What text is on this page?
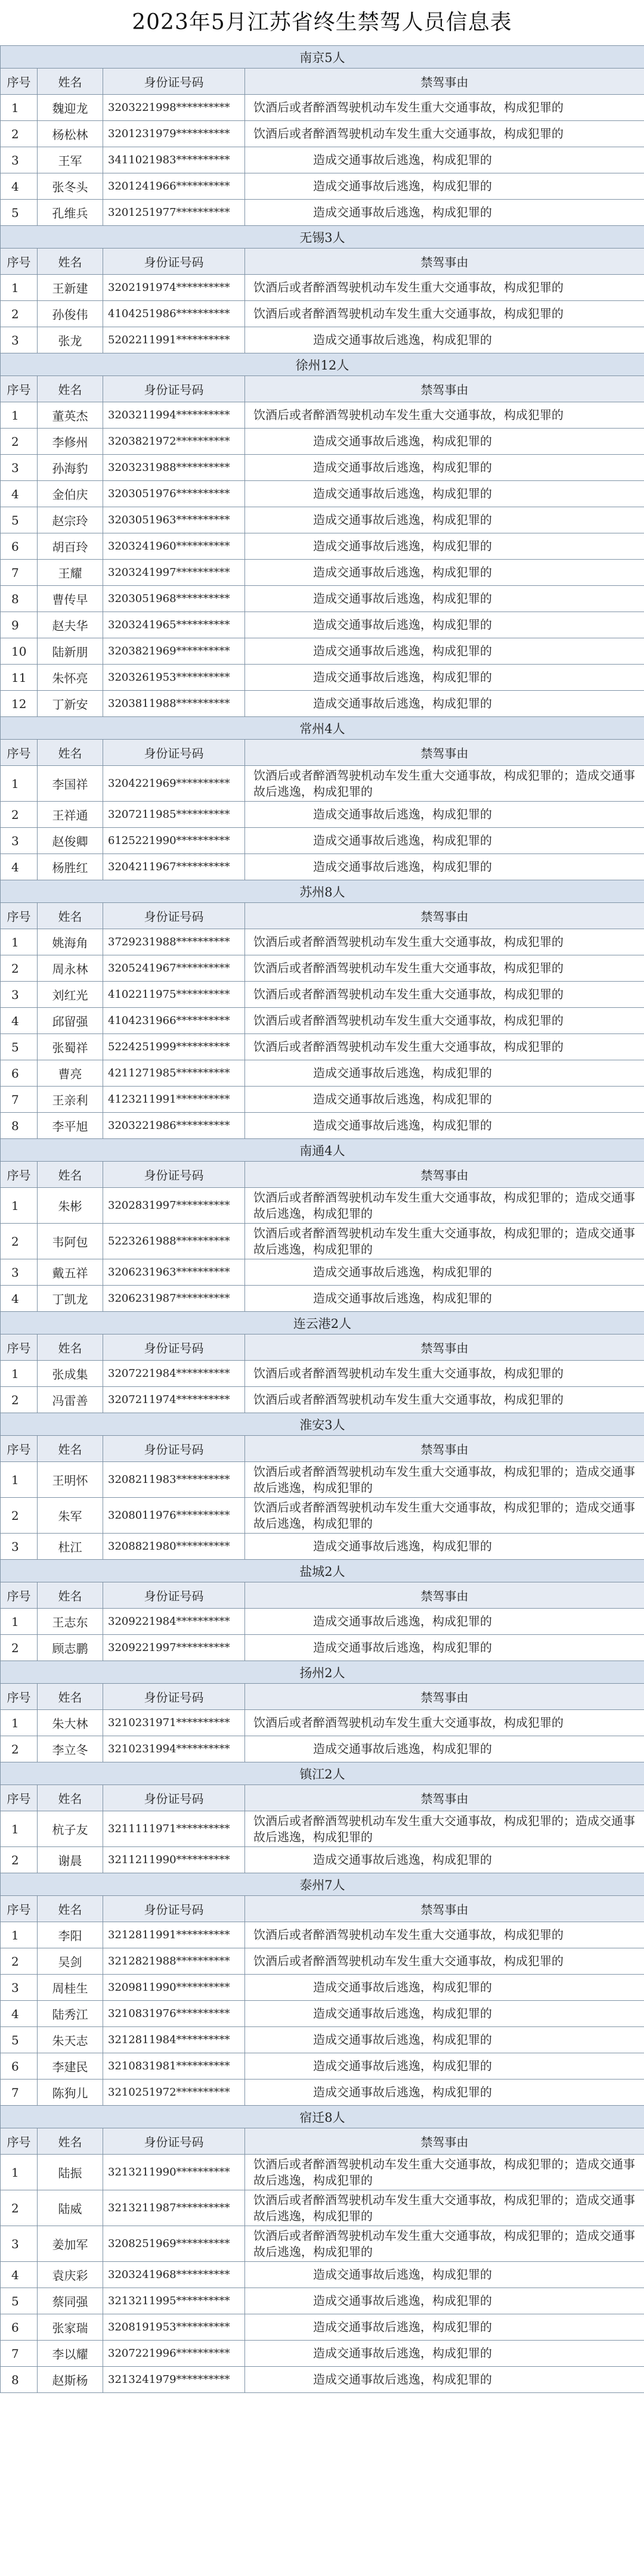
2023年5月江苏省终生禁驾人员信息表
南京5人			
序号	姓名	身份证号码	禁驾事由
1	魏迎龙	3203221998**********	饮酒后或者醉酒驾驶机动车发生重大交通事故，构成犯罪的
2	杨松林	3201231979**********	饮酒后或者醉酒驾驶机动车发生重大交通事故，构成犯罪的
3	王军	3411021983**********	造成交通事故后逃逸，构成犯罪的
4	张冬头	3201241966**********	造成交通事故后逃逸，构成犯罪的
5	孔维兵	3201251977**********	造成交通事故后逃逸，构成犯罪的
无锡3人			
序号	姓名	身份证号码	禁驾事由
1	王新建	3202191974**********	饮酒后或者醉酒驾驶机动车发生重大交通事故，构成犯罪的
2	孙俊伟	4104251986**********	饮酒后或者醉酒驾驶机动车发生重大交通事故，构成犯罪的
3	张龙	5202211991**********	造成交通事故后逃逸，构成犯罪的
徐州12人			
序号	姓名	身份证号码	禁驾事由
1	董英杰	3203211994**********	饮酒后或者醉酒驾驶机动车发生重大交通事故，构成犯罪的
2	李修州	3203821972**********	造成交通事故后逃逸，构成犯罪的
3	孙海豹	3203231988**********	造成交通事故后逃逸，构成犯罪的
4	金伯庆	3203051976**********	造成交通事故后逃逸，构成犯罪的
5	赵宗玲	3203051963**********	造成交通事故后逃逸，构成犯罪的
6	胡百玲	3203241960**********	造成交通事故后逃逸，构成犯罪的
7	王耀	3203241997**********	造成交通事故后逃逸，构成犯罪的
8	曹传早	3203051968**********	造成交通事故后逃逸，构成犯罪的
9	赵夫华	3203241965**********	造成交通事故后逃逸，构成犯罪的
10	陆新朋	3203821969**********	造成交通事故后逃逸，构成犯罪的
11	朱怀亮	3203261953**********	造成交通事故后逃逸，构成犯罪的
12	丁新安	3203811988**********	造成交通事故后逃逸，构成犯罪的
常州4人			
序号	姓名	身份证号码	禁驾事由
1	李国祥	3204221969**********	饮酒后或者醉酒驾驶机动车发生重大交通事故，构成犯罪的；造成交通事故后逃逸，构成犯罪的
2	王祥通	3207211985**********	造成交通事故后逃逸，构成犯罪的
3	赵俊卿	6125221990**********	造成交通事故后逃逸，构成犯罪的
4	杨胜红	3204211967**********	造成交通事故后逃逸，构成犯罪的
苏州8人			
序号	姓名	身份证号码	禁驾事由
1	姚海角	3729231988**********	饮酒后或者醉酒驾驶机动车发生重大交通事故，构成犯罪的
2	周永林	3205241967**********	饮酒后或者醉酒驾驶机动车发生重大交通事故，构成犯罪的
3	刘红光	4102211975**********	饮酒后或者醉酒驾驶机动车发生重大交通事故，构成犯罪的
4	邱留强	4104231966**********	饮酒后或者醉酒驾驶机动车发生重大交通事故，构成犯罪的
5	张蜀祥	5224251999**********	饮酒后或者醉酒驾驶机动车发生重大交通事故，构成犯罪的
6	曹亮	4211271985**********	造成交通事故后逃逸，构成犯罪的
7	王亲利	4123211991**********	造成交通事故后逃逸，构成犯罪的
8	李平旭	3203221986**********	造成交通事故后逃逸，构成犯罪的
南通4人			
序号	姓名	身份证号码	禁驾事由
1	朱彬	3202831997**********	饮酒后或者醉酒驾驶机动车发生重大交通事故，构成犯罪的；造成交通事故后逃逸，构成犯罪的
2	韦阿包	5223261988**********	饮酒后或者醉酒驾驶机动车发生重大交通事故，构成犯罪的；造成交通事故后逃逸，构成犯罪的
3	戴五祥	3206231963**********	造成交通事故后逃逸，构成犯罪的
4	丁凯龙	3206231987**********	造成交通事故后逃逸，构成犯罪的
连云港2人			
序号	姓名	身份证号码	禁驾事由
1	张成集	3207221984**********	饮酒后或者醉酒驾驶机动车发生重大交通事故，构成犯罪的
2	冯雷善	3207211974**********	饮酒后或者醉酒驾驶机动车发生重大交通事故，构成犯罪的
淮安3人			
序号	姓名	身份证号码	禁驾事由
1	王明怀	3208211983**********	饮酒后或者醉酒驾驶机动车发生重大交通事故，构成犯罪的；造成交通事故后逃逸，构成犯罪的
2	朱军	3208011976**********	饮酒后或者醉酒驾驶机动车发生重大交通事故，构成犯罪的；造成交通事故后逃逸，构成犯罪的
3	杜江	3208821980**********	造成交通事故后逃逸，构成犯罪的
盐城2人			
序号	姓名	身份证号码	禁驾事由
1	王志东	3209221984**********	造成交通事故后逃逸，构成犯罪的
2	顾志鹏	3209221997**********	造成交通事故后逃逸，构成犯罪的
扬州2人			
序号	姓名	身份证号码	禁驾事由
1	朱大林	3210231971**********	饮酒后或者醉酒驾驶机动车发生重大交通事故，构成犯罪的
2	李立冬	3210231994**********	造成交通事故后逃逸，构成犯罪的
镇江2人			
序号	姓名	身份证号码	禁驾事由
1	杭子友	3211111971**********	饮酒后或者醉酒驾驶机动车发生重大交通事故，构成犯罪的；造成交通事故后逃逸，构成犯罪的
2	谢晨	3211211990**********	造成交通事故后逃逸，构成犯罪的
泰州7人			
序号	姓名	身份证号码	禁驾事由
1	李阳	3212811991**********	饮酒后或者醉酒驾驶机动车发生重大交通事故，构成犯罪的
2	吴剑	3212821988**********	饮酒后或者醉酒驾驶机动车发生重大交通事故，构成犯罪的
3	周桂生	3209811990**********	造成交通事故后逃逸，构成犯罪的
4	陆秀江	3210831976**********	造成交通事故后逃逸，构成犯罪的
5	朱天志	3212811984**********	造成交通事故后逃逸，构成犯罪的
6	李建民	3210831981**********	造成交通事故后逃逸，构成犯罪的
7	陈狗儿	3210251972**********	造成交通事故后逃逸，构成犯罪的
宿迁8人			
序号	姓名	身份证号码	禁驾事由
1	陆振	3213211990**********	饮酒后或者醉酒驾驶机动车发生重大交通事故，构成犯罪的；造成交通事故后逃逸，构成犯罪的
2	陆威	3213211987**********	饮酒后或者醉酒驾驶机动车发生重大交通事故，构成犯罪的；造成交通事故后逃逸，构成犯罪的
3	姜加军	3208251969**********	饮酒后或者醉酒驾驶机动车发生重大交通事故，构成犯罪的；造成交通事故后逃逸，构成犯罪的
4	袁庆彩	3203241968**********	造成交通事故后逃逸，构成犯罪的
5	蔡同强	3213211995**********	造成交通事故后逃逸，构成犯罪的
6	张家瑞	3208191953**********	造成交通事故后逃逸，构成犯罪的
7	李以耀	3207221996**********	造成交通事故后逃逸，构成犯罪的
8	赵斯杨	3213241979**********	造成交通事故后逃逸，构成犯罪的
